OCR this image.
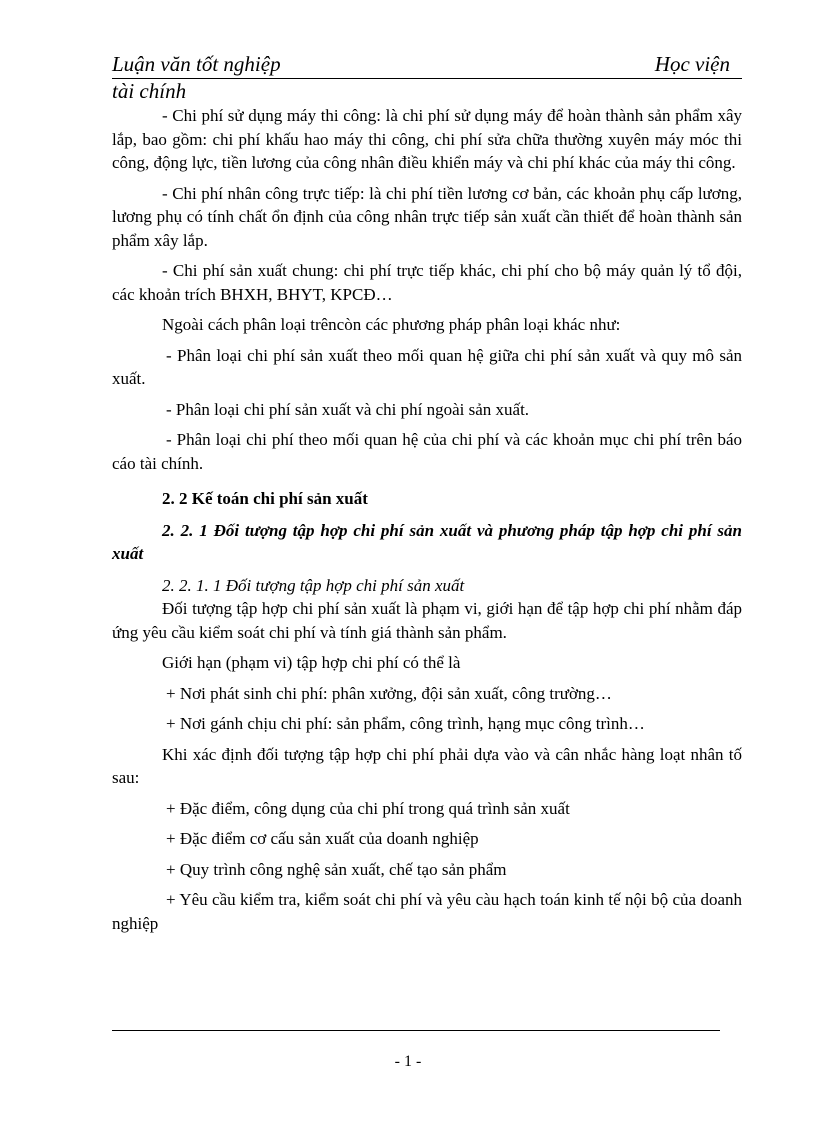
Luận văn tốt nghiệp	Học viện
tài chính

- Chi phí sử dụng máy thi công: là chi phí sử dụng máy để hoàn thành sản phẩm xây lắp, bao gồm: chi phí khấu hao máy thi công, chi phí sửa chữa thường xuyên máy móc thi công, động lực, tiền lương của công nhân điều khiển máy và chi phí khác của máy thi công.

- Chi phí nhân công trực tiếp: là chi phí tiền lương cơ bản, các khoản phụ cấp lương, lương phụ có tính chất ổn định của công nhân trực tiếp sản xuất cần thiết để hoàn thành sản phẩm xây lắp.

- Chi phí sản xuất chung: chi phí trực tiếp khác, chi phí cho bộ máy quản lý tổ đội, các khoản trích BHXH, BHYT, KPCĐ…

Ngoài cách phân loại trêncòn các phương pháp phân loại khác như:

- Phân loại chi phí sản xuất theo mối quan hệ giữa chi phí sản xuất và quy mô sản xuất.

- Phân loại chi phí sản xuất và chi phí ngoài sản xuất.

- Phân loại chi phí theo mối quan hệ của chi phí và các khoản mục chi phí trên báo cáo tài chính.

2. 2 Kế toán chi phí sản xuất
2. 2. 1 Đối tượng tập hợp chi phí sản xuất và phương pháp tập hợp chi phí sản xuất
2. 2. 1. 1 Đối tượng tập hợp chi phí sản xuất

Đối tượng tập hợp chi phí sản xuất là phạm vi, giới hạn để tập hợp chi phí nhằm đáp ứng yêu cầu kiểm soát chi phí và tính giá thành sản phẩm.

Giới hạn (phạm vi) tập hợp chi phí có thể là

+ Nơi phát sinh chi phí: phân xưởng, đội sản xuất, công trường…

+ Nơi gánh chịu chi phí: sản phẩm, công trình, hạng mục công trình…

Khi xác định đối tượng tập hợp chi phí phải dựa vào và cân nhắc hàng loạt nhân tố sau:

+ Đặc điểm, công dụng của chi phí trong quá trình sản xuất

+ Đặc điểm cơ cấu sản xuất của doanh nghiệp

+ Quy trình công nghệ sản xuất, chế tạo sản phẩm

+ Yêu cầu kiểm tra, kiểm soát chi phí và yêu càu hạch toán kinh tế nội bộ của doanh nghiệp

- 1 -
